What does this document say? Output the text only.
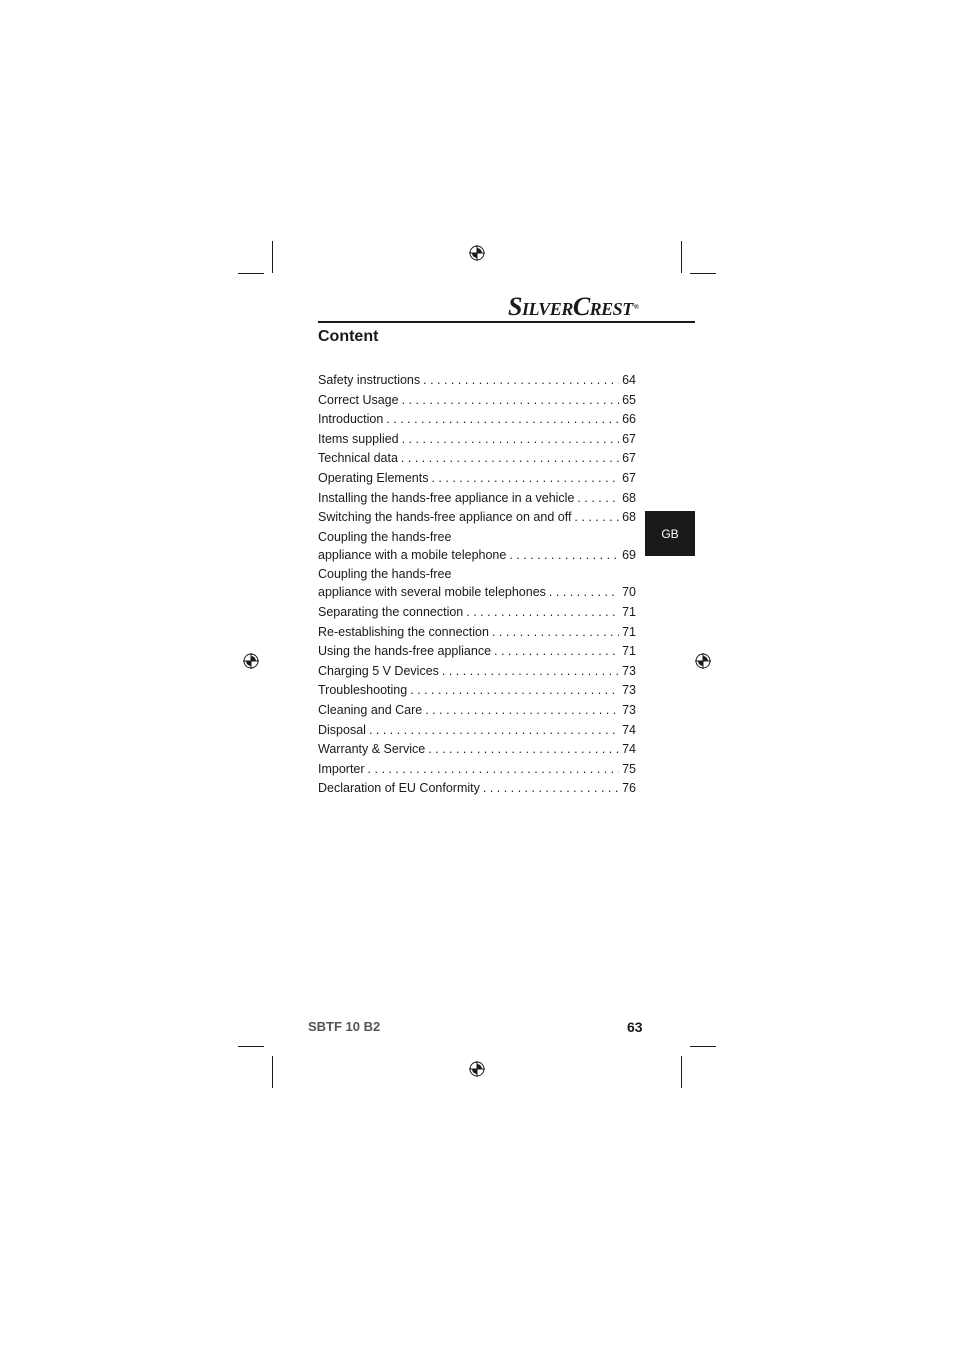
SILVERCREST®
Content
Safety instructions . . .	64
Correct Usage . . .	65
Introduction . . .	66
Items supplied . . .	67
Technical data . . .	67
Operating Elements . . .	67
Installing the hands-free appliance in a vehicle . . .	68
Switching the hands-free appliance on and off . . .	68
Coupling the hands-free
appliance with a mobile telephone . . .	69
Coupling the hands-free
appliance with several mobile telephones . . .	70
Separating the connection . . .	71
Re-establishing the connection . . .	71
Using the hands-free appliance . . .	71
Charging 5 V Devices . . .	73
Troubleshooting . . .	73
Cleaning and Care . . .	73
Disposal . . .	74
Warranty & Service . . .	74
Importer . . .	75
Declaration of EU Conformity . . .	76
GB
SBTF 10 B2	63
